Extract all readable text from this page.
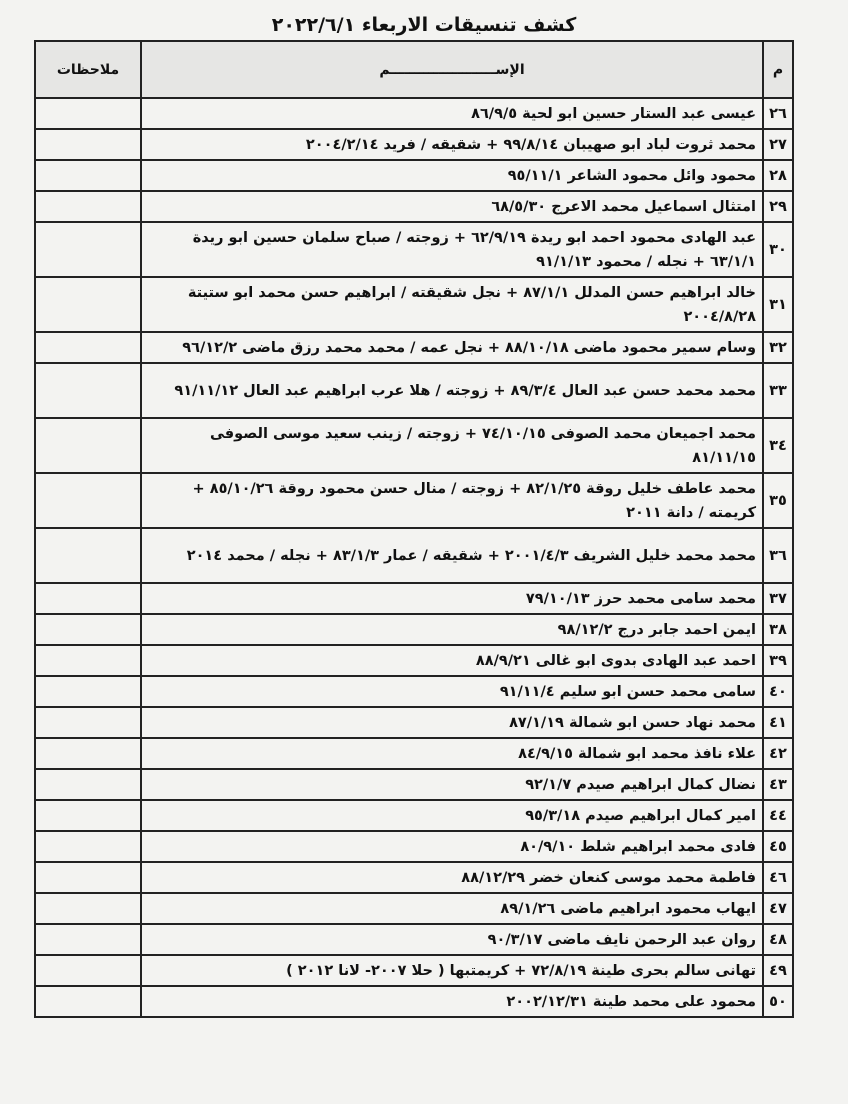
كشف تنسيقات الاربعاء ٢٠٢٢/٦/١
م	الإســــــــــــــــــــــم	ملاحظات
٢٦	عيسى عبد الستار حسين ابو لحية ٨٦/٩/٥	
٢٧	محمد ثروت لباد ابو صهيبان ٩٩/٨/١٤ + شقيقه / فريد ٢٠٠٤/٢/١٤	
٢٨	محمود وائل محمود الشاعر ٩٥/١١/١	
٢٩	امتثال اسماعيل محمد الاعرج ٦٨/٥/٣٠	
٣٠	عبد الهادى محمود احمد ابو ريدة ٦٢/٩/١٩ + زوجته / صباح سلمان حسين ابو ريدة ٦٣/١/١ + نجله / محمود ٩١/١/١٣	
٣١	خالد ابراهيم حسن المدلل ٨٧/١/١ + نجل شقيقته / ابراهيم حسن محمد ابو ستيتة ٢٠٠٤/٨/٢٨	
٣٢	وسام سمير محمود ماضى ٨٨/١٠/١٨ + نجل عمه / محمد محمد رزق ماضى ٩٦/١٢/٢	
٣٣	محمد محمد حسن عبد العال ٨٩/٣/٤ + زوجته / هلا عرب ابراهيم عبد العال ٩١/١١/١٢	
٣٤	محمد اجميعان محمد الصوفى ٧٤/١٠/١٥ + زوجته / زينب سعيد موسى الصوفى ٨١/١١/١٥	
٣٥	محمد عاطف خليل روقة ٨٢/١/٢٥ + زوجته / منال حسن محمود روقة ٨٥/١٠/٢٦ + كريمته / دانة ٢٠١١	
٣٦	محمد محمد خليل الشريف ٢٠٠١/٤/٣ + شقيقه / عمار ٨٣/١/٣ + نجله / محمد ٢٠١٤	
٣٧	محمد سامى محمد حرز ٧٩/١٠/١٣	
٣٨	ايمن احمد جابر درج ٩٨/١٢/٢	
٣٩	احمد عبد الهادى بدوى ابو غالى ٨٨/٩/٢١	
٤٠	سامى محمد حسن ابو سليم ٩١/١١/٤	
٤١	محمد نهاد حسن ابو شمالة ٨٧/١/١٩	
٤٢	علاء نافذ محمد ابو شمالة ٨٤/٩/١٥	
٤٣	نضال كمال ابراهيم صيدم ٩٢/١/٧	
٤٤	امير كمال ابراهيم صيدم ٩٥/٣/١٨	
٤٥	فادى محمد ابراهيم شلط ٨٠/٩/١٠	
٤٦	فاطمة محمد موسى كنعان خضر ٨٨/١٢/٢٩	
٤٧	ايهاب محمود ابراهيم ماضى ٨٩/١/٢٦	
٤٨	روان عبد الرحمن نايف ماضى ٩٠/٣/١٧	
٤٩	تهانى سالم بحرى طينة ٧٢/٨/١٩ + كريمتبها ( حلا ٢٠٠٧- لانا ٢٠١٢ )	
٥٠	محمود على محمد طينة ٢٠٠٢/١٢/٣١	
